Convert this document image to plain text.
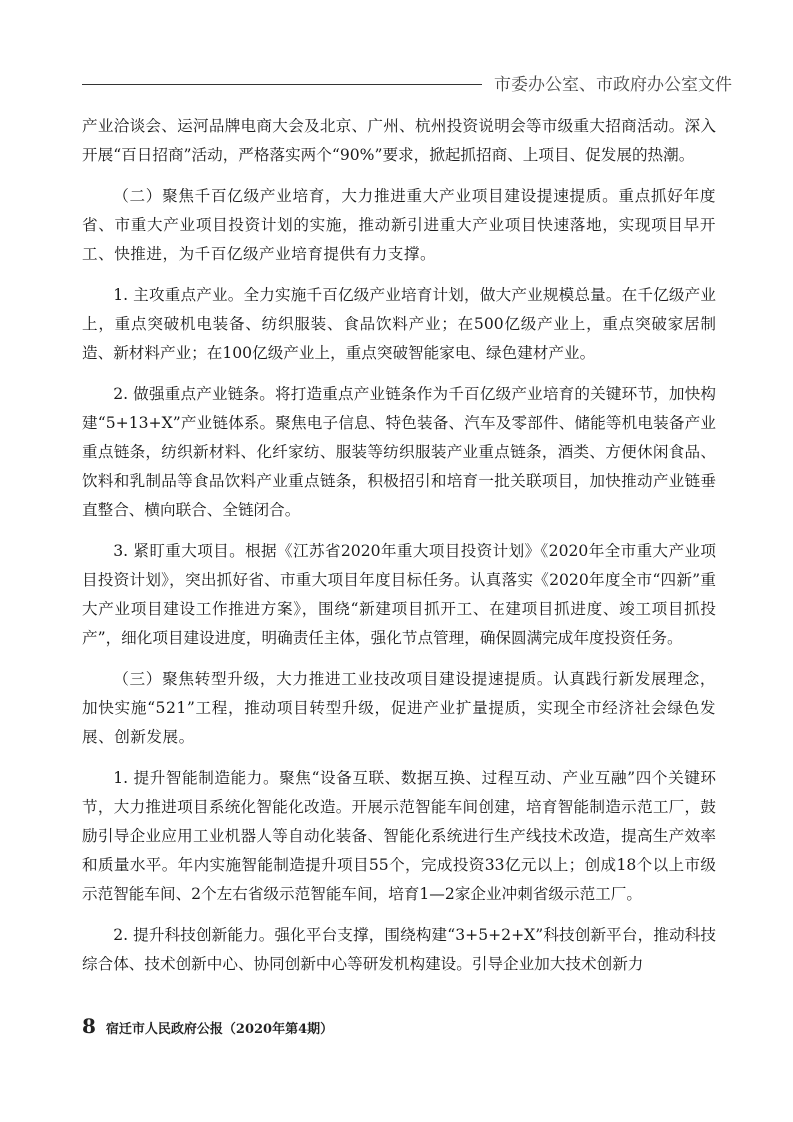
市委办公室、市政府办公室文件

产业洽谈会、运河品牌电商大会及北京、广州、杭州投资说明会等市级重大招商活动。深入开展“百日招商”活动，严格落实两个“90%”要求，掀起抓招商、上项目、促发展的热潮。

（二）聚焦千百亿级产业培育，大力推进重大产业项目建设提速提质。重点抓好年度省、市重大产业项目投资计划的实施，推动新引进重大产业项目快速落地，实现项目早开工、快推进，为千百亿级产业培育提供有力支撑。

1. 主攻重点产业。全力实施千百亿级产业培育计划，做大产业规模总量。在千亿级产业上，重点突破机电装备、纺织服装、食品饮料产业；在500亿级产业上，重点突破家居制造、新材料产业；在100亿级产业上，重点突破智能家电、绿色建材产业。

2. 做强重点产业链条。将打造重点产业链条作为千百亿级产业培育的关键环节，加快构建“5+13+X”产业链体系。聚焦电子信息、特色装备、汽车及零部件、储能等机电装备产业重点链条，纺织新材料、化纤家纺、服装等纺织服装产业重点链条，酒类、方便休闲食品、饮料和乳制品等食品饮料产业重点链条，积极招引和培育一批关联项目，加快推动产业链垂直整合、横向联合、全链闭合。

3. 紧盯重大项目。根据《江苏省2020年重大项目投资计划》《2020年全市重大产业项目投资计划》，突出抓好省、市重大项目年度目标任务。认真落实《2020年度全市“四新”重大产业项目建设工作推进方案》，围绕“新建项目抓开工、在建项目抓进度、竣工项目抓投产”，细化项目建设进度，明确责任主体，强化节点管理，确保圆满完成年度投资任务。

（三）聚焦转型升级，大力推进工业技改项目建设提速提质。认真践行新发展理念，加快实施“521”工程，推动项目转型升级，促进产业扩量提质，实现全市经济社会绿色发展、创新发展。

1. 提升智能制造能力。聚焦“设备互联、数据互换、过程互动、产业互融”四个关键环节，大力推进项目系统化智能化改造。开展示范智能车间创建，培育智能制造示范工厂，鼓励引导企业应用工业机器人等自动化装备、智能化系统进行生产线技术改造，提高生产效率和质量水平。年内实施智能制造提升项目55个，完成投资33亿元以上；创成18个以上市级示范智能车间、2个左右省级示范智能车间，培育1—2家企业冲刺省级示范工厂。

2. 提升科技创新能力。强化平台支撑，围绕构建“3+5+2+X”科技创新平台，推动科技综合体、技术创新中心、协同创新中心等研发机构建设。引导企业加大技术创新力

8 宿迁市人民政府公报（2020年第4期）
